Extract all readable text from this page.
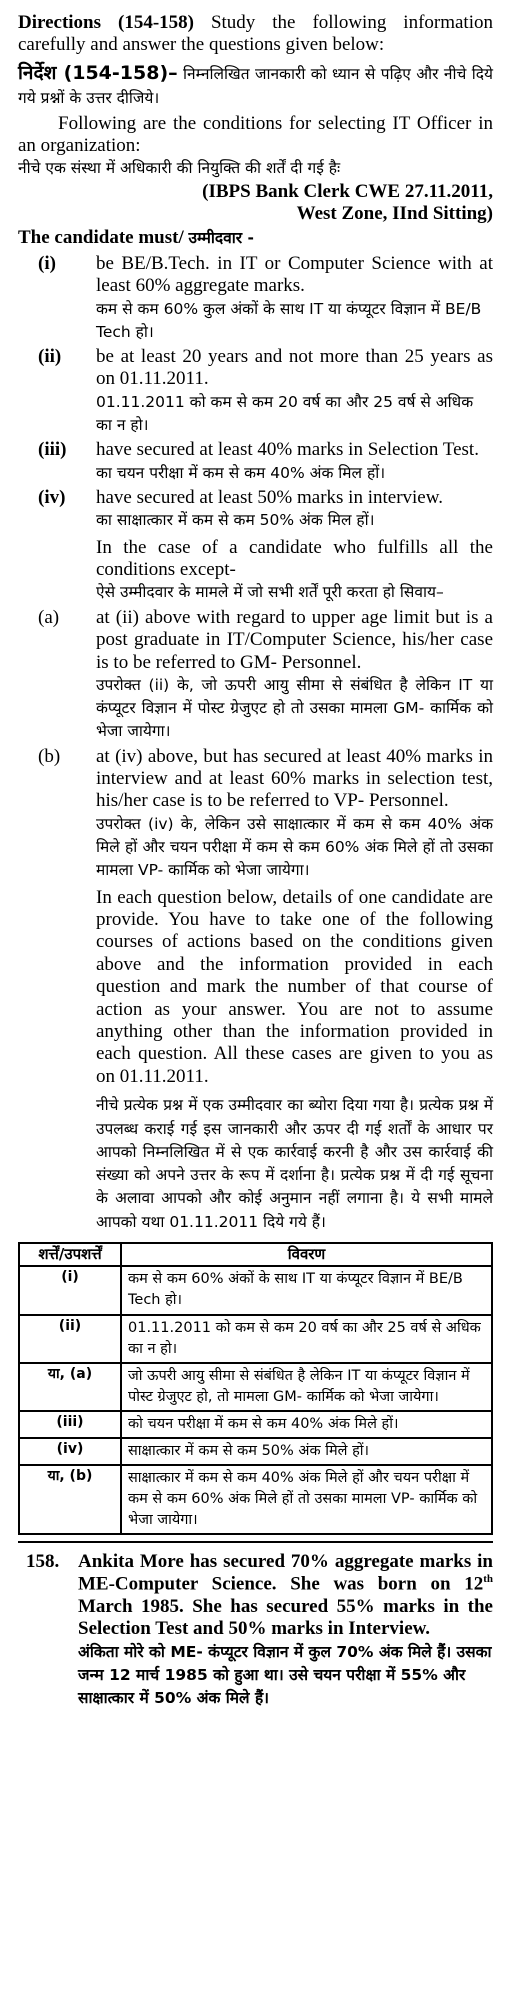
Directions (154-158) Study the following information carefully and answer the questions given below:

निर्देश (154-158)– निम्नलिखित जानकारी को ध्यान से पढ़िए और नीचे दिये गये प्रश्नों के उत्तर दीजिये।

Following are the conditions for selecting IT Officer in an organization:

नीचे एक संस्था में अधिकारी की नियुक्ति की शर्तें दी गई हैः

(IBPS Bank Clerk CWE 27.11.2011,

West Zone, IInd Sitting)

The candidate must/ उम्मीदवार -

(i)	be BE/B.Tech. in IT or Computer Science with at least 60% aggregate marks.

कम से कम 60% कुल अंकों के साथ IT या कंप्यूटर विज्ञान में BE/B Tech हो।

(ii)	be at least 20 years and not more than 25 years as on 01.11.2011.

01.11.2011 को कम से कम 20 वर्ष का और 25 वर्ष से अधिक का न हो।

(iii)	have secured at least 40% marks in Selection Test.

का चयन परीक्षा में कम से कम 40% अंक मिल हों।

(iv)	have secured at least 50% marks in interview.

का साक्षात्कार में कम से कम 50% अंक मिल हों।

In the case of a candidate who fulfills all the conditions except-

ऐसे उम्मीदवार के मामले में जो सभी शर्तें पूरी करता हो सिवाय–

(a)	at (ii) above with regard to upper age limit but is a post graduate in IT/Computer Science, his/her case is to be referred to GM- Personnel.

उपरोक्त (ii) के, जो ऊपरी आयु सीमा से संबंधित है लेकिन IT या कंप्यूटर विज्ञान में पोस्ट ग्रेजुएट हो तो उसका मामला GM- कार्मिक को भेजा जायेगा।

(b)	at (iv) above, but has secured at least 40% marks in interview and at least 60% marks in selection test, his/her case is to be referred to VP- Personnel.

उपरोक्त (iv) के, लेकिन उसे साक्षात्कार में कम से कम 40% अंक मिले हों और चयन परीक्षा में कम से कम 60% अंक मिले हों तो उसका मामला VP- कार्मिक को भेजा जायेगा।

In each question below, details of one candidate are provide. You have to take one of the following courses of actions based on the conditions given above and the information provided in each question and mark the number of that course of action as your answer. You are not to assume anything other than the information provided in each question. All these cases are given to you as on 01.11.2011.

नीचे प्रत्येक प्रश्न में एक उम्मीदवार का ब्योरा दिया गया है। प्रत्येक प्रश्न में उपलब्ध कराई गई इस जानकारी और ऊपर दी गई शर्तों के आधार पर आपको निम्नलिखित में से एक कार्रवाई करनी है और उस कार्रवाई की संख्या को अपने उत्तर के रूप में दर्शाना है। प्रत्येक प्रश्न में दी गई सूचना के अलावा आपको और कोई अनुमान नहीं लगाना है। ये सभी मामले आपको यथा 01.11.2011 दिये गये हैं।

शर्त्तें/उपशर्त्तें	विवरण
(i)	कम से कम 60% अंकों के साथ IT या कंप्यूटर विज्ञान में BE/B Tech हो।
(ii)	01.11.2011 को कम से कम 20 वर्ष का और 25 वर्ष से अधिक का न हो।
या, (a)	जो ऊपरी आयु सीमा से संबंधित है लेकिन IT या कंप्यूटर विज्ञान में पोस्ट ग्रेजुएट हो, तो मामला GM- कार्मिक को भेजा जायेगा।
(iii)	को चयन परीक्षा में कम से कम 40% अंक मिले हों।
(iv)	साक्षात्कार में कम से कम 50% अंक मिले हों।
या, (b)	साक्षात्कार में कम से कम 40% अंक मिले हों और चयन परीक्षा में कम से कम 60% अंक मिले हों तो उसका मामला VP- कार्मिक को भेजा जायेगा।
158. Ankita More has secured 70% aggregate marks in ME-Computer Science. She was born on 12th March 1985. She has secured 55% marks in the Selection Test and 50% marks in Interview.

अंकिता मोरे को ME- कंप्यूटर विज्ञान में कुल 70% अंक मिले हैं। उसका जन्म 12 मार्च 1985 को हुआ था। उसे चयन परीक्षा में 55% और साक्षात्कार में 50% अंक मिले हैं।
